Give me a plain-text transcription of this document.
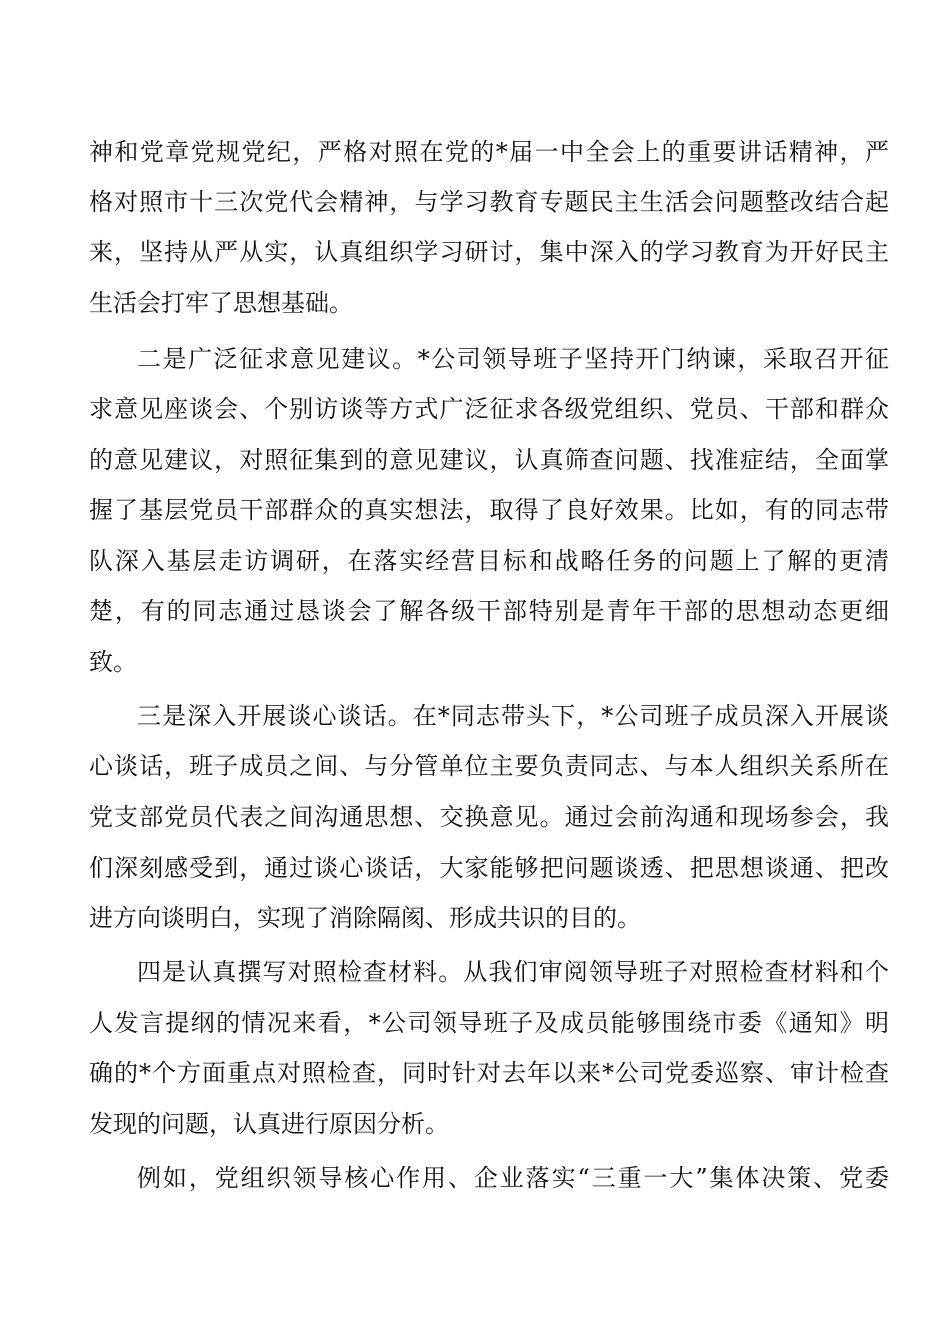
神和党章党规党纪，严格对照在党的*届一中全会上的重要讲话精神，严
格对照市十三次党代会精神，与学习教育专题民主生活会问题整改结合起
来，坚持从严从实，认真组织学习研讨，集中深入的学习教育为开好民主
生活会打牢了思想基础。
二是广泛征求意见建议。*公司领导班子坚持开门纳谏，采取召开征
求意见座谈会、个别访谈等方式广泛征求各级党组织、党员、干部和群众
的意见建议，对照征集到的意见建议，认真筛查问题、找准症结，全面掌
握了基层党员干部群众的真实想法，取得了良好效果。比如，有的同志带
队深入基层走访调研，在落实经营目标和战略任务的问题上了解的更清
楚，有的同志通过恳谈会了解各级干部特别是青年干部的思想动态更细
致。
三是深入开展谈心谈话。在*同志带头下，*公司班子成员深入开展谈
心谈话，班子成员之间、与分管单位主要负责同志、与本人组织关系所在
党支部党员代表之间沟通思想、交换意见。通过会前沟通和现场参会，我
们深刻感受到，通过谈心谈话，大家能够把问题谈透、把思想谈通、把改
进方向谈明白，实现了消除隔阂、形成共识的目的。
四是认真撰写对照检查材料。从我们审阅领导班子对照检查材料和个
人发言提纲的情况来看，*公司领导班子及成员能够围绕市委《通知》明
确的*个方面重点对照检查，同时针对去年以来*公司党委巡察、审计检查
发现的问题，认真进行原因分析。
例如，党组织领导核心作用、企业落实“三重一大”集体决策、党委
